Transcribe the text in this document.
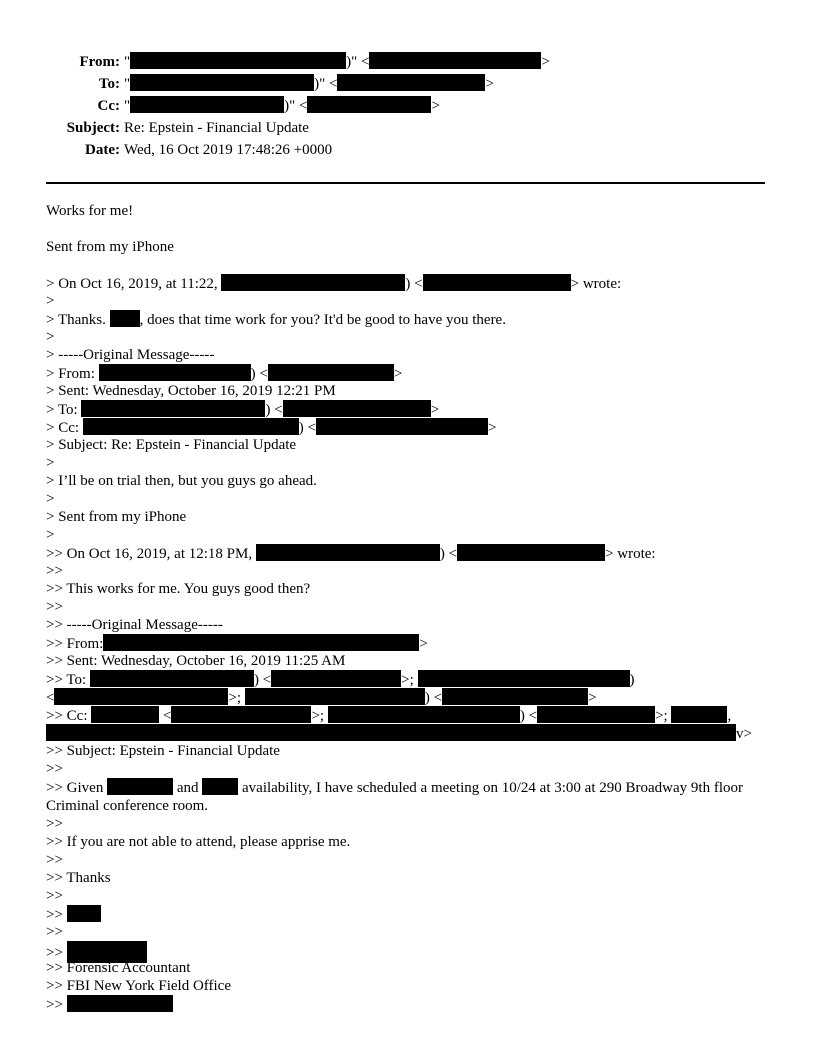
From: "	)" <	>
To: "	)" <	>
Cc: "	)" <	>
Subject: Re: Epstein - Financial Update
Date: Wed, 16 Oct 2019 17:48:26 +0000
Works for me!
Sent from my iPhone
> On Oct 16, 2019, at 11:22,	) <	> wrote:
>
> Thanks. , does that time work for you? It'd be good to have you there.
>
> -----Original Message-----
> From:	) <	>
> Sent: Wednesday, October 16, 2019 12:21 PM
> To:	) <	>
> Cc:	) <	>
> Subject: Re: Epstein - Financial Update
>
> I’ll be on trial then, but you guys go ahead.
>
> Sent from my iPhone
>
>> On Oct 16, 2019, at 12:18 PM,	) <	> wrote:
>>
>> This works for me. You guys good then?
>>
>> -----Original Message-----
>> From:	>
>> Sent: Wednesday, October 16, 2019 11:25 AM
>> To:	) <	>;	)
<	>;	) <	>
>> Cc:	<	>;	) <	>;	,
v>
>> Subject: Epstein - Financial Update
>>
>> Given	and	availability, I have scheduled a meeting on 10/24 at 3:00 at 290 Broadway 9th floor Criminal conference room.
>>
>> If you are not able to attend, please apprise me.
>>
>> Thanks
>>
>>
>>
>>
>> Forensic Accountant
>> FBI New York Field Office
>>
